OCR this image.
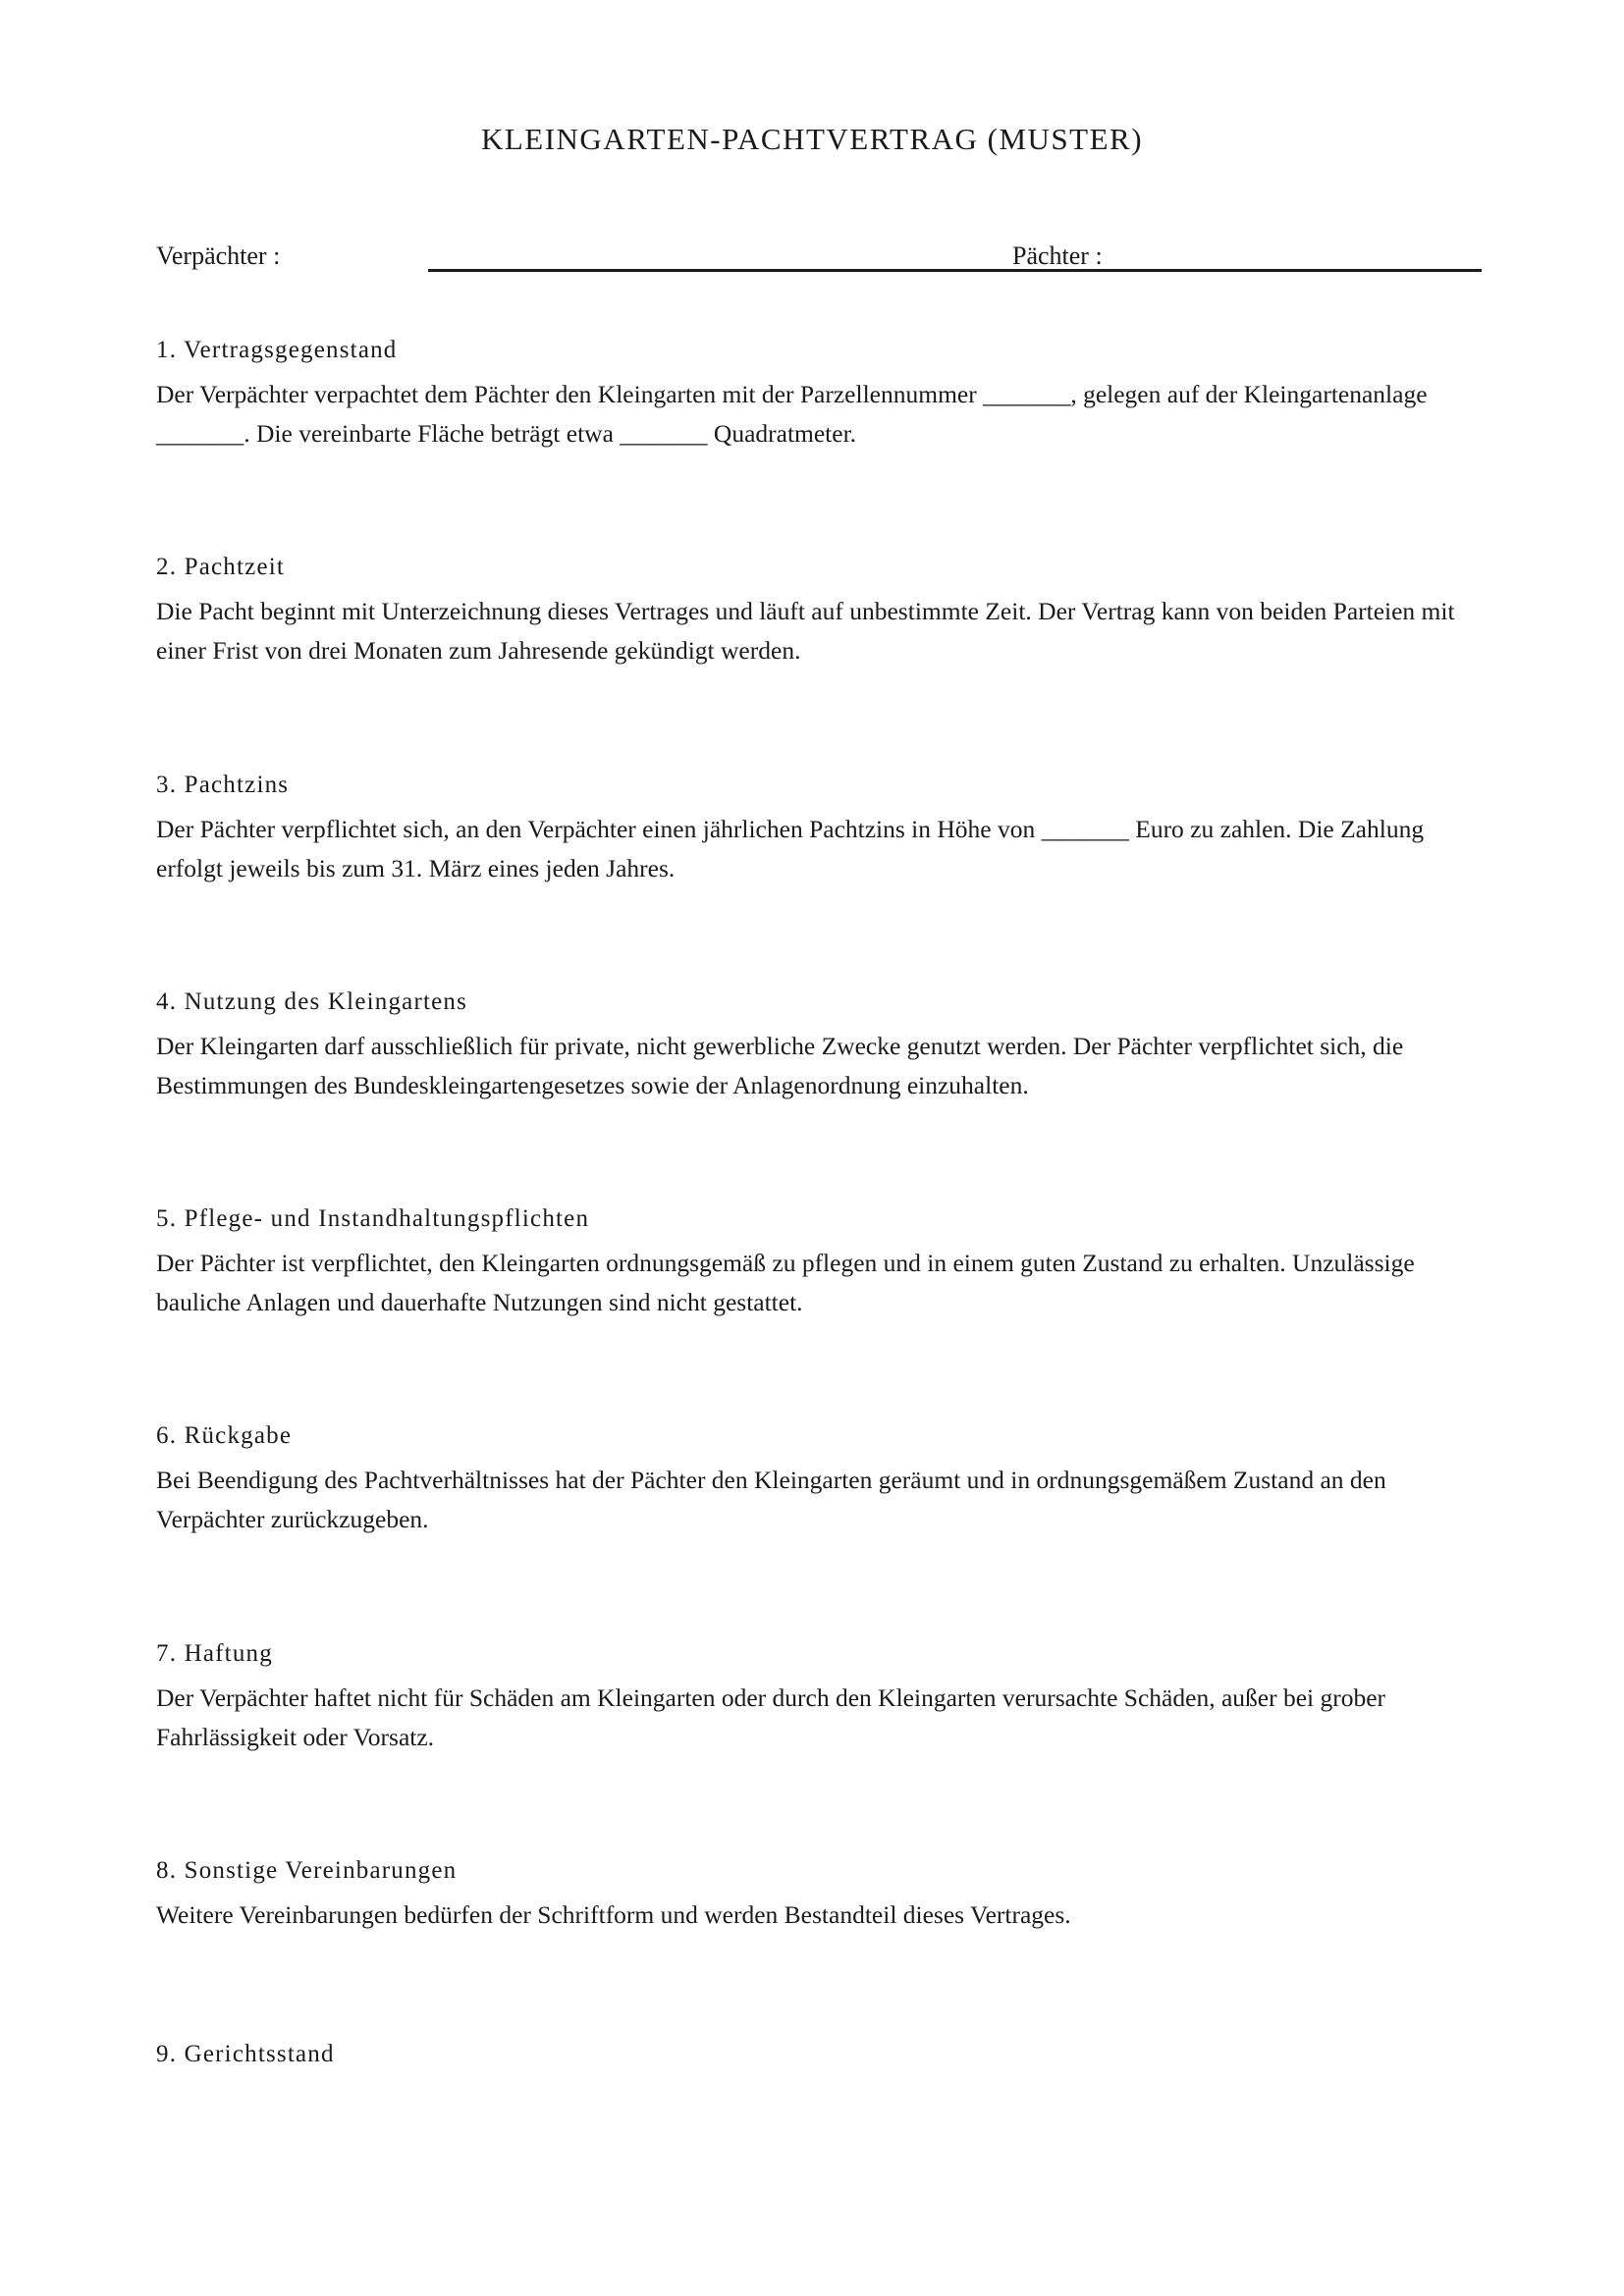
KLEINGARTEN-PACHTVERTRAG (MUSTER)
Verpächter :	Pächter :
1. Vertragsgegenstand

Der Verpächter verpachtet dem Pächter den Kleingarten mit der Parzellennummer _______, gelegen auf der Kleingartenanlage _______. Die vereinbarte Fläche beträgt etwa _______ Quadratmeter.

2. Pachtzeit

Die Pacht beginnt mit Unterzeichnung dieses Vertrages und läuft auf unbestimmte Zeit. Der Vertrag kann von beiden Parteien mit einer Frist von drei Monaten zum Jahresende gekündigt werden.

3. Pachtzins

Der Pächter verpflichtet sich, an den Verpächter einen jährlichen Pachtzins in Höhe von _______ Euro zu zahlen. Die Zahlung erfolgt jeweils bis zum 31. März eines jeden Jahres.

4. Nutzung des Kleingartens

Der Kleingarten darf ausschließlich für private, nicht gewerbliche Zwecke genutzt werden. Der Pächter verpflichtet sich, die Bestimmungen des Bundeskleingartengesetzes sowie der Anlagenordnung einzuhalten.

5. Pflege- und Instandhaltungspflichten

Der Pächter ist verpflichtet, den Kleingarten ordnungsgemäß zu pflegen und in einem guten Zustand zu erhalten. Unzulässige bauliche Anlagen und dauerhafte Nutzungen sind nicht gestattet.

6. Rückgabe

Bei Beendigung des Pachtverhältnisses hat der Pächter den Kleingarten geräumt und in ordnungsgemäßem Zustand an den Verpächter zurückzugeben.

7. Haftung

Der Verpächter haftet nicht für Schäden am Kleingarten oder durch den Kleingarten verursachte Schäden, außer bei grober Fahrlässigkeit oder Vorsatz.

8. Sonstige Vereinbarungen

Weitere Vereinbarungen bedürfen der Schriftform und werden Bestandteil dieses Vertrages.

9. Gerichtsstand
